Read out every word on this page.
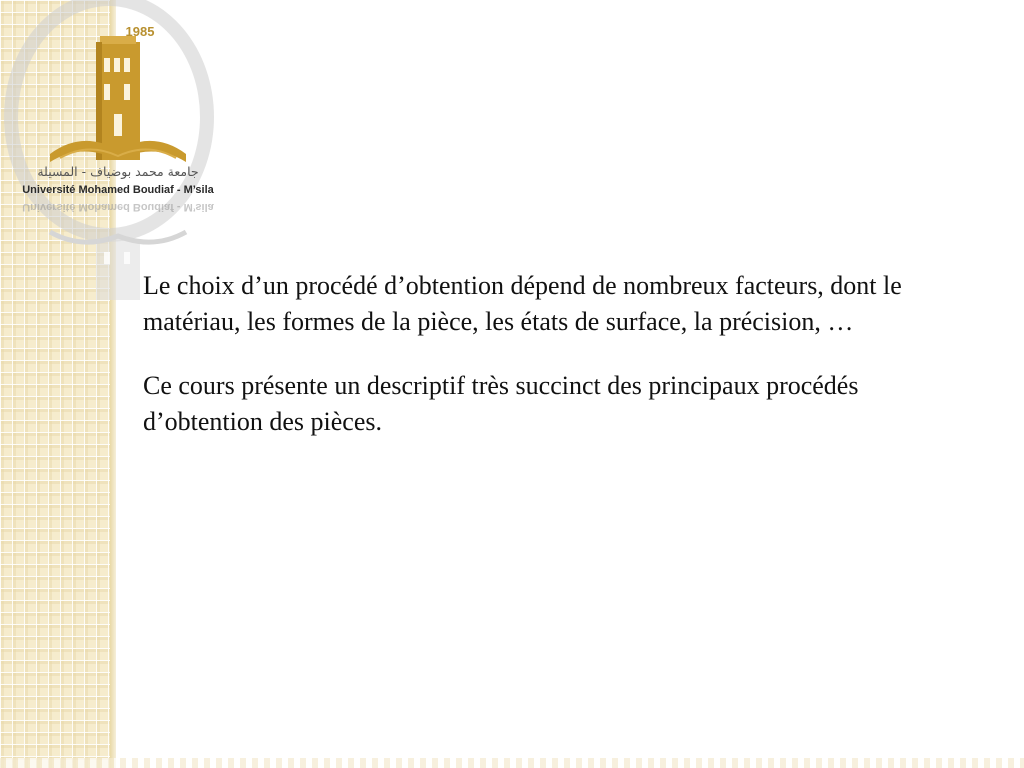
1985
جامعة محمد بوضياف - المسيلة
Université Mohamed Boudiaf - M’sila
Université Mohamed Boudiaf - M’sila

Le choix d’un procédé d’obtention dépend de nombreux facteurs, dont le matériau, les formes de la pièce, les états de surface, la précision, …

Ce cours présente un descriptif très succinct des principaux procédés d’obtention des pièces.
